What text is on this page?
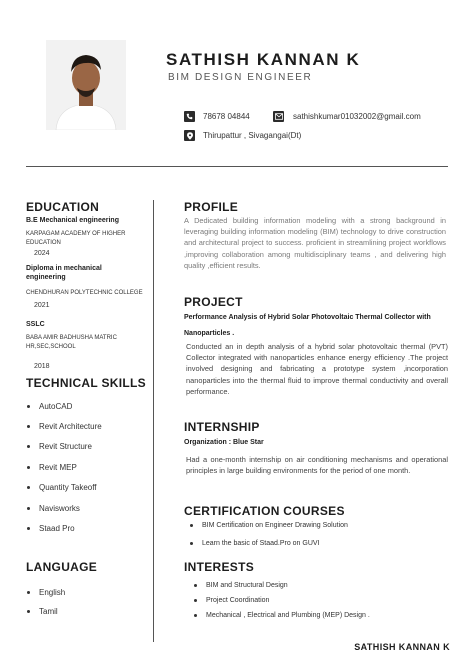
SATHISH KANNAN K
BIM DESIGN ENGINEER
78678 04844	sathishkumar01032002@gmail.com
Thirupattur , Sivagangai(Dt)
EDUCATION
B.E Mechanical engineering
KARPAGAM ACADEMY OF HIGHER EDUCATION
2024
Diploma in mechanical engineering
CHENDHURAN POLYTECHNIC COLLEGE
2021
SSLC
BABA AMIR BADHUSHA MATRIC HR,SEC,SCHOOL
2018
TECHNICAL SKILLS
AutoCAD
Revit Architecture
Revit Structure
Revit MEP
Quantity Takeoff
Navisworks
Staad Pro
LANGUAGE
English
Tamil
PROFILE
A Dedicated building information modeling with a strong background in leveraging building information modeling (BIM) technology to drive construction and architectural project to success. proficient in streamlining project workflows ,improving collaboration among multidisciplinary teams , and delivering high quality ,efficient results.
PROJECT
Performance Analysis of Hybrid Solar Photovoltaic Thermal Collector with Nanoparticles .
Conducted an in depth analysis of a hybrid solar photovoltaic thermal (PVT) Collector integrated with nanoparticles enhance energy efficiency .The project involved designing and fabricating a prototype system ,incorporation nanoparticles into the thermal fluid to improve thermal conductivity and overall performance.
INTERNSHIP
Organization : Blue Star
Had a one-month internship on air conditioning mechanisms and operational principles in large building environments for the period of one month.
CERTIFICATION COURSES
BIM Certification on Engineer Drawing Solution
Learn the basic of Staad.Pro on GUVI
INTERESTS
BIM and Structural Design
Project Coordination
Mechanical , Electrical and Plumbing (MEP) Design .
SATHISH KANNAN K
